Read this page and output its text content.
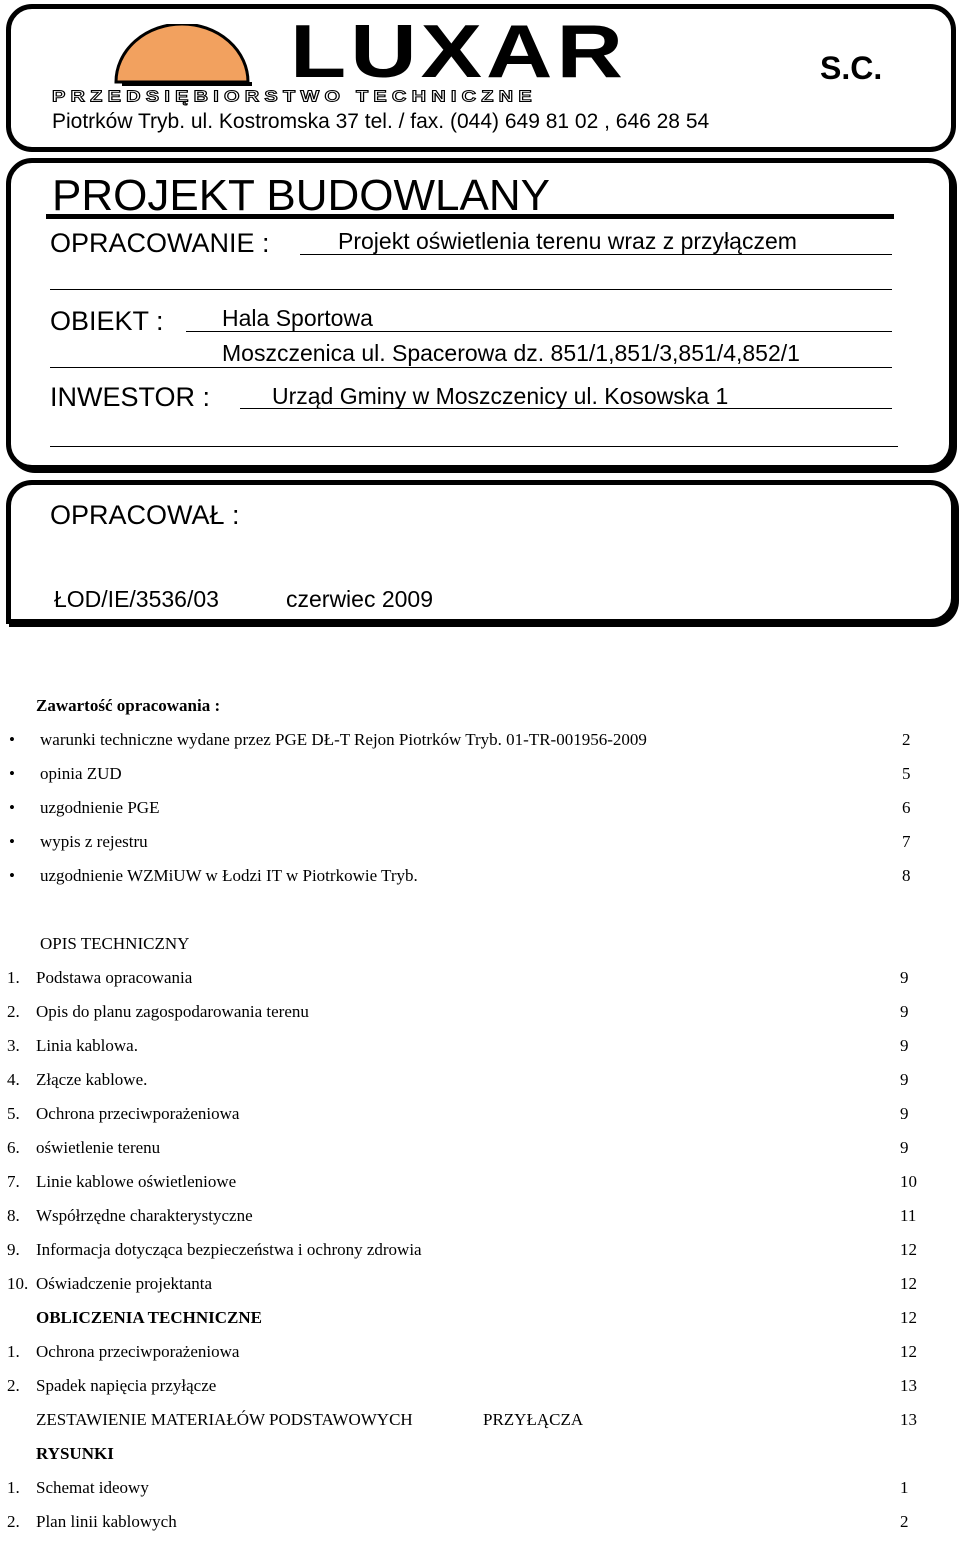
LUXAR	S.C.
PRZEDSIĘBIORSTWO TECHNICZNE
Piotrków Tryb. ul. Kostromska 37 tel. / fax. (044) 649 81 02 , 646 28 54
PROJEKT BUDOWLANY
OPRACOWANIE :	Projekt oświetlenia terenu wraz z przyłączem
OBIEKT :	Hala Sportowa
Moszczenica ul. Spacerowa dz. 851/1,851/3,851/4,852/1
INWESTOR :	Urząd Gminy w Moszczenicy ul. Kosowska 1
OPRACOWAŁ :
ŁOD/IE/3536/03	czerwiec 2009
Zawartość opracowania :
• warunki techniczne wydane przez PGE DŁ-T Rejon Piotrków Tryb. 01-TR-001956-2009	2
• opinia ZUD	5
• uzgodnienie PGE	6
• wypis z rejestru	7
• uzgodnienie WZMiUW w Łodzi IT w Piotrkowie Tryb.	8
OPIS TECHNICZNY
1. Podstawa opracowania	9
2. Opis do planu zagospodarowania terenu	9
3. Linia kablowa.	9
4. Złącze kablowe.	9
5. Ochrona przeciwporażeniowa	9
6. oświetlenie terenu	9
7. Linie kablowe oświetleniowe	10
8. Współrzędne charakterystyczne	11
9. Informacja dotycząca bezpieczeństwa i ochrony zdrowia	12
10. Oświadczenie projektanta	12
OBLICZENIA TECHNICZNE	12
1. Ochrona przeciwporażeniowa	12
2. Spadek napięcia przyłącze	13
ZESTAWIENIE MATERIAŁÓW PODSTAWOWYCH	PRZYŁĄCZA	13
RYSUNKI
1. Schemat ideowy	1
2. Plan linii kablowych	2
